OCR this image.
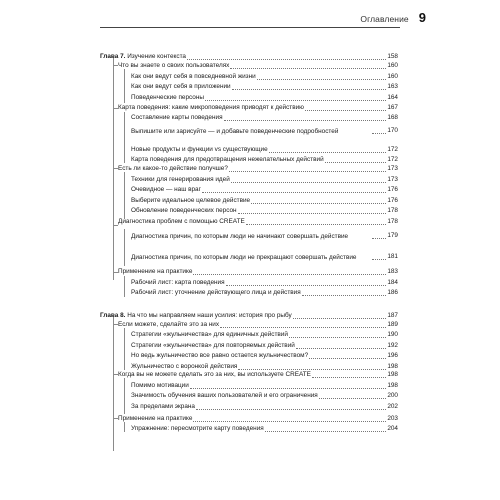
Оглавление 9
Глава 7. Изучение контекста	158
Что вы знаете о своих пользователях	160
Как они ведут себя в повседневной жизни	160
Как они ведут себя в приложении	163
Поведенческие персоны	164
Карта поведения: какие микроповедения приводят к действию	167
Составление карты поведения	168
Выпишите или зарисуйте — и добавьте поведенческие подробностей	170
Новые продукты и функции vs существующие	172
Карта поведения для предотвращения нежелательных действий	172
Есть ли какое-то действие получше?	173
Техники для генерирования идей	173
Очевидное — наш враг	176
Выберите идеальное целевое действие	176
Обновление поведенческих персон	178
Диагностика проблем с помощью CREATE	178
Диагностика причин, по которым люди не начинают совершать действие	179
Диагностика причин, по которым люди не прекращают совершать действие	181
Применение на практике	183
Рабочий лист: карта поведения	184
Рабочий лист: уточнение действующего лица и действия	186
Глава 8. На что мы направляем наши усилия: история про рыбу	187
Если можете, сделайте это за них	189
Стратегии «жульничества» для единичных действий	190
Стратегии «жульничества» для повторяемых действий	192
Но ведь жульничество все равно остается жульничеством?	196
Жульничество с воронкой действия	198
Когда вы не можете сделать это за них, вы используете CREATE	198
Помимо мотивации	198
Значимость обучения ваших пользователей и его ограничения	200
За пределами экрана	202
Применение на практике	203
Упражнение: пересмотрите карту поведения	204
